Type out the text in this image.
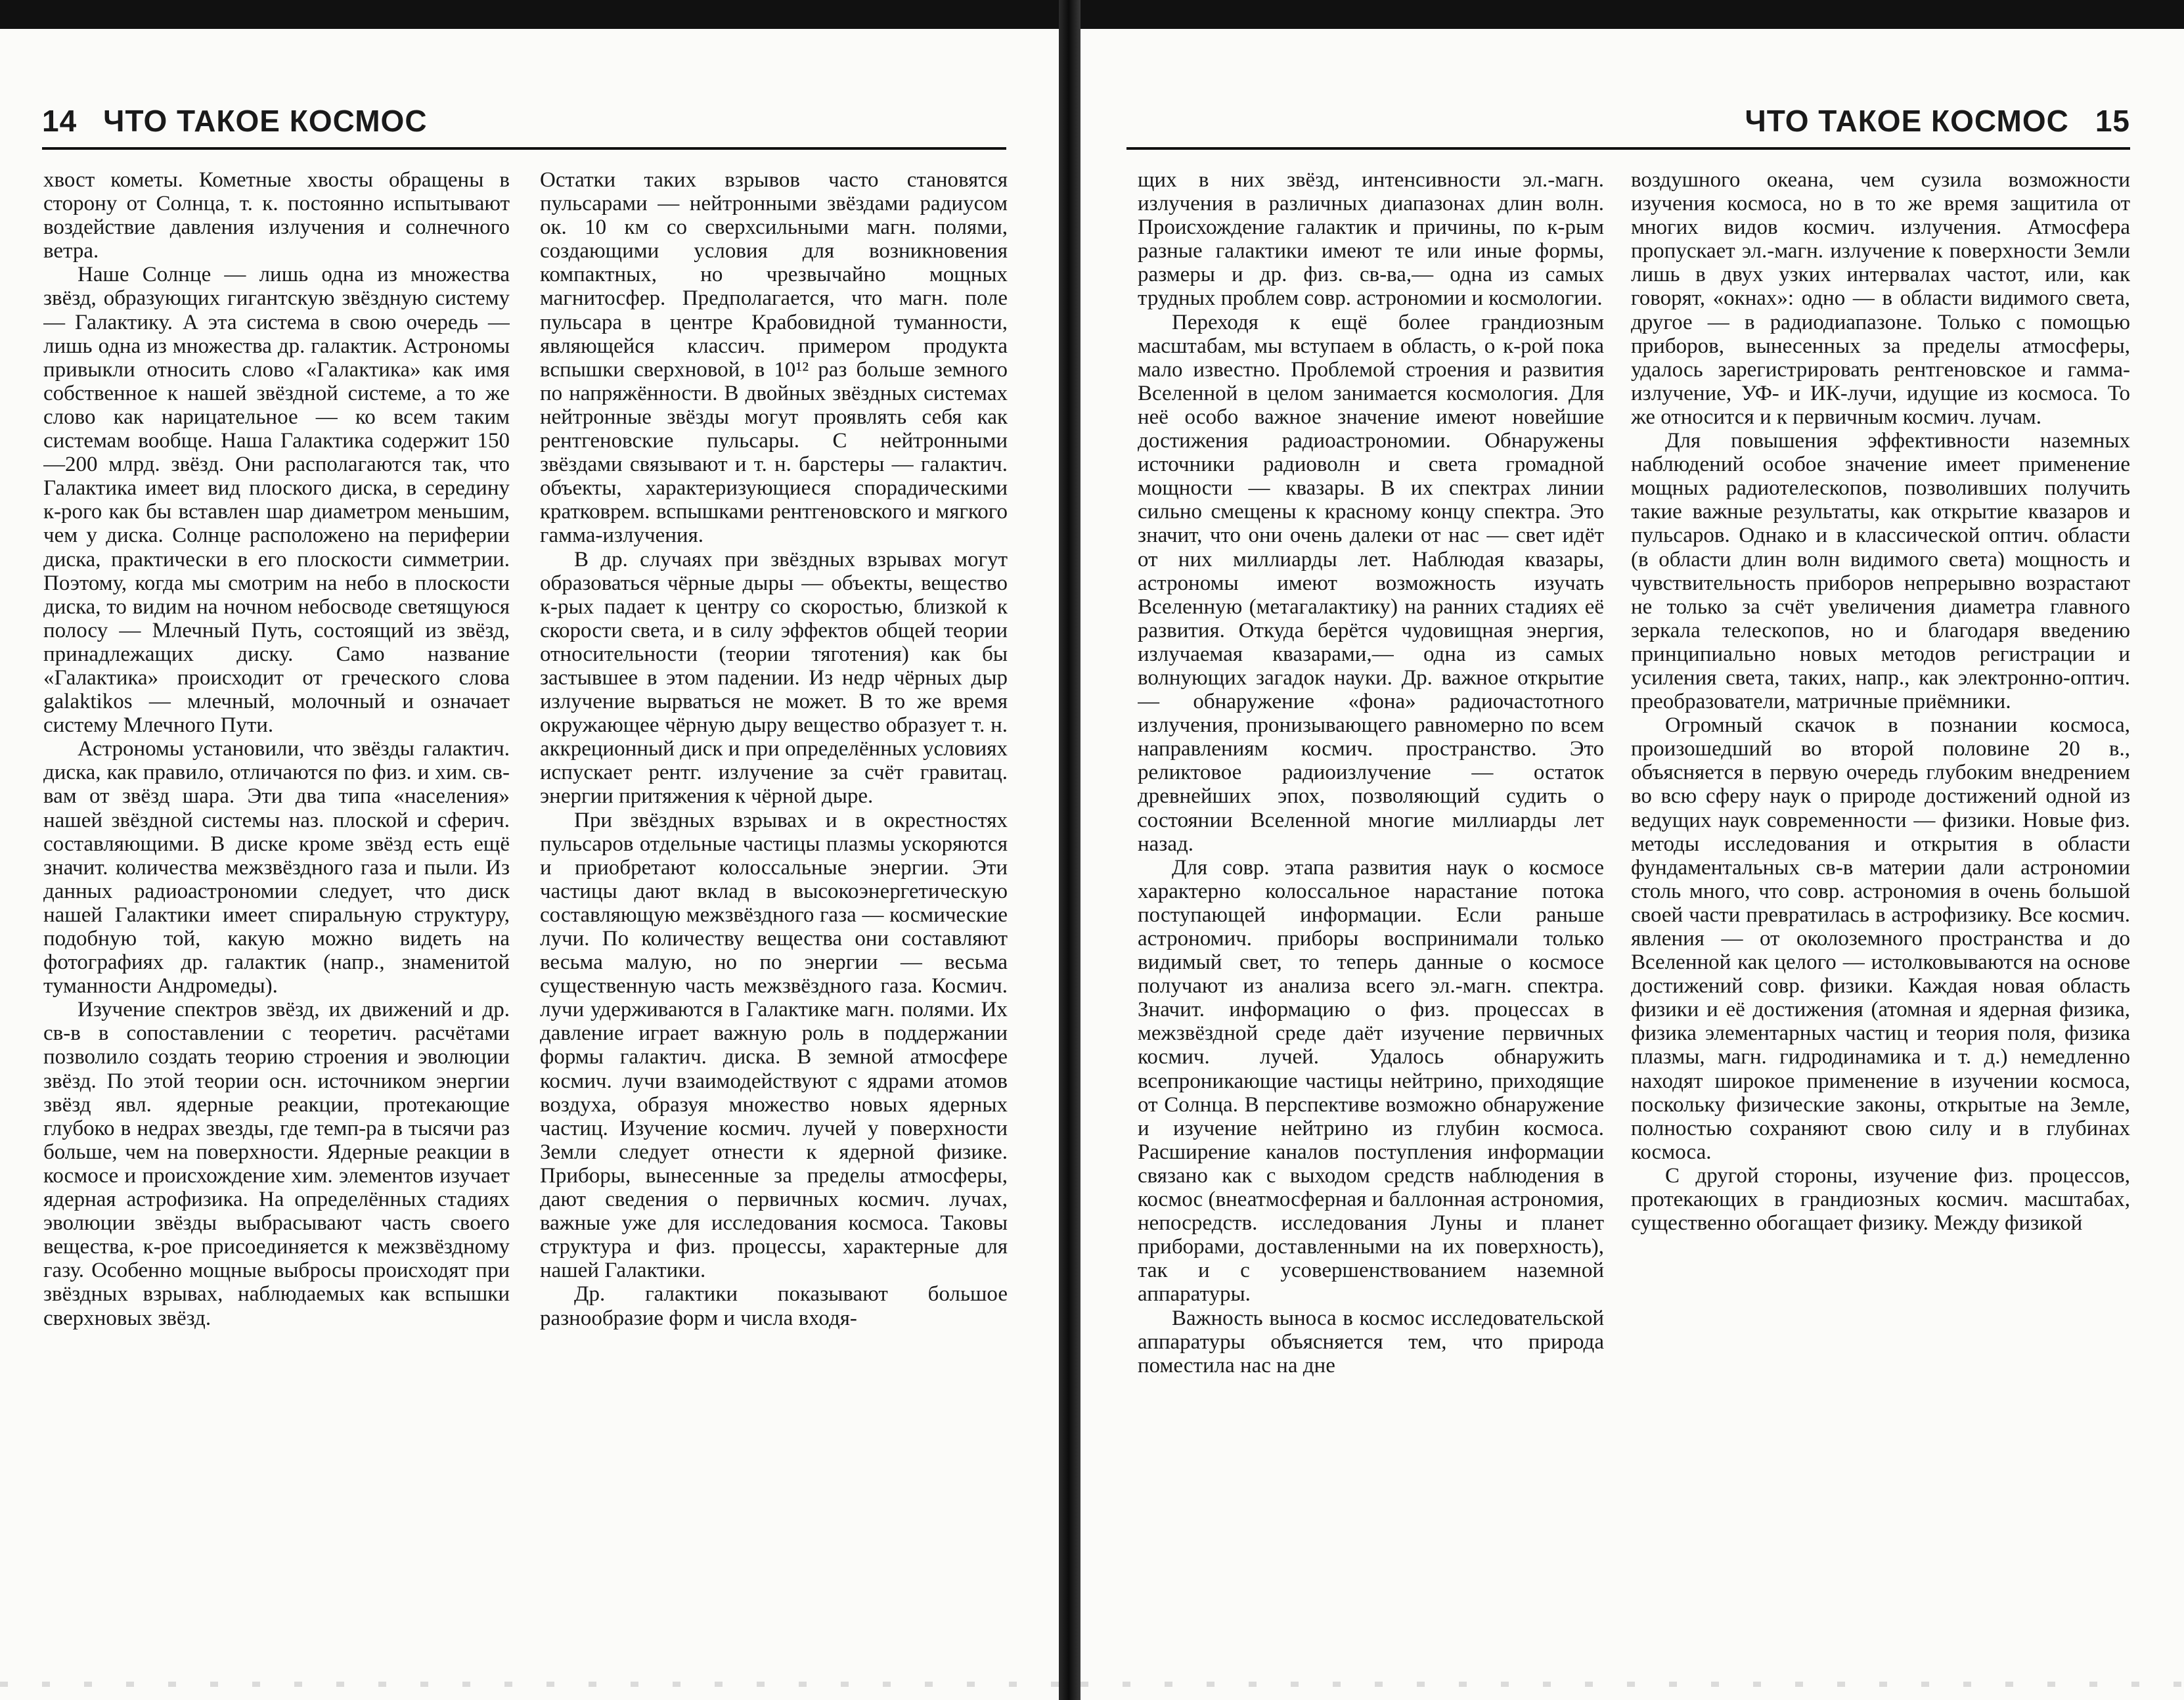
14 ЧТО ТАКОЕ КОСМОС

хвост кометы. Кометные хвосты обращены в сторону от Солнца, т. к. постоянно испытывают воздействие давления излучения и солнечного ветра.

Наше Солнце — лишь одна из множества звёзд, образующих гигантскую звёздную систему — Галактику. А эта система в свою очередь — лишь одна из множества др. галактик. Астрономы привыкли относить слово «Галактика» как имя собственное к нашей звёздной системе, а то же слово как нарицательное — ко всем таким системам вообще. Наша Галактика содержит 150—200 млрд. звёзд. Они располагаются так, что Галактика имеет вид плоского диска, в середину к-рого как бы вставлен шар диаметром меньшим, чем у диска. Солнце расположено на периферии диска, практически в его плоскости симметрии. Поэтому, когда мы смотрим на небо в плоскости диска, то видим на ночном небосводе светящуюся полосу — Млечный Путь, состоящий из звёзд, принадлежащих диску. Само название «Галактика» происходит от греческого слова galaktikos — млечный, молочный и означает систему Млечного Пути.

Астрономы установили, что звёзды галактич. диска, как правило, отличаются по физ. и хим. св-вам от звёзд шара. Эти два типа «населения» нашей звёздной системы наз. плоской и сферич. составляющими. В диске кроме звёзд есть ещё значит. количества межзвёздного газа и пыли. Из данных радиоастрономии следует, что диск нашей Галактики имеет спиральную структуру, подобную той, какую можно видеть на фотографиях др. галактик (напр., знаменитой туманности Андромеды).

Изучение спектров звёзд, их движений и др. св-в в сопоставлении с теоретич. расчётами позволило создать теорию строения и эволюции звёзд. По этой теории осн. источником энергии звёзд явл. ядерные реакции, протекающие глубоко в недрах звезды, где темп-ра в тысячи раз больше, чем на поверхности. Ядерные реакции в космосе и происхождение хим. элементов изучает ядерная астрофизика. На определённых стадиях эволюции звёзды выбрасывают часть своего вещества, к-рое присоединяется к межзвёздному газу. Особенно мощные выбросы происходят при звёздных взрывах, наблюдаемых как вспышки сверхновых звёзд.

Остатки таких взрывов часто становятся пульсарами — нейтронными звёздами радиусом ок. 10 км со сверхсильными магн. полями, создающими условия для возникновения компактных, но чрезвычайно мощных магнитосфер. Предполагается, что магн. поле пульсара в центре Крабовидной туманности, являющейся классич. примером продукта вспышки сверхновой, в 10¹² раз больше земного по напряжённости. В двойных звёздных системах нейтронные звёзды могут проявлять себя как рентгеновские пульсары. С нейтронными звёздами связывают и т. н. барстеры — галактич. объекты, характеризующиеся спорадическими кратковрем. вспышками рентгеновского и мягкого гамма-излучения.

В др. случаях при звёздных взрывах могут образоваться чёрные дыры — объекты, вещество к-рых падает к центру со скоростью, близкой к скорости света, и в силу эффектов общей теории относительности (теории тяготения) как бы застывшее в этом падении. Из недр чёрных дыр излучение вырваться не может. В то же время окружающее чёрную дыру вещество образует т. н. аккреционный диск и при определённых условиях испускает рентг. излучение за счёт гравитац. энергии притяжения к чёрной дыре.

При звёздных взрывах и в окрестностях пульсаров отдельные частицы плазмы ускоряются и приобретают колоссальные энергии. Эти частицы дают вклад в высокоэнергетическую составляющую межзвёздного газа — космические лучи. По количеству вещества они составляют весьма малую, но по энергии — весьма существенную часть межзвёздного газа. Космич. лучи удерживаются в Галактике магн. полями. Их давление играет важную роль в поддержании формы галактич. диска. В земной атмосфере космич. лучи взаимодействуют с ядрами атомов воздуха, образуя множество новых ядерных частиц. Изучение космич. лучей у поверхности Земли следует отнести к ядерной физике. Приборы, вынесенные за пределы атмосферы, дают сведения о первичных космич. лучах, важные уже для исследования космоса. Таковы структура и физ. процессы, характерные для нашей Галактики.

Др. галактики показывают большое разнообразие форм и числа входя-

ЧТО ТАКОЕ КОСМОС 15

щих в них звёзд, интенсивности эл.-магн. излучения в различных диапазонах длин волн. Происхождение галактик и причины, по к-рым разные галактики имеют те или иные формы, размеры и др. физ. св-ва,— одна из самых трудных проблем совр. астрономии и космологии.

Переходя к ещё более грандиозным масштабам, мы вступаем в область, о к-рой пока мало известно. Проблемой строения и развития Вселенной в целом занимается космология. Для неё особо важное значение имеют новейшие достижения радиоастрономии. Обнаружены источники радиоволн и света громадной мощности — квазары. В их спектрах линии сильно смещены к красному концу спектра. Это значит, что они очень далеки от нас — свет идёт от них миллиарды лет. Наблюдая квазары, астрономы имеют возможность изучать Вселенную (метагалактику) на ранних стадиях её развития. Откуда берётся чудовищная энергия, излучаемая квазарами,— одна из самых волнующих загадок науки. Др. важное открытие — обнаружение «фона» радиочастотного излучения, пронизывающего равномерно по всем направлениям космич. пространство. Это реликтовое радиоизлучение — остаток древнейших эпох, позволяющий судить о состоянии Вселенной многие миллиарды лет назад.

Для совр. этапа развития наук о космосе характерно колоссальное нарастание потока поступающей информации. Если раньше астрономич. приборы воспринимали только видимый свет, то теперь данные о космосе получают из анализа всего эл.-магн. спектра. Значит. информацию о физ. процессах в межзвёздной среде даёт изучение первичных космич. лучей. Удалось обнаружить всепроникающие частицы нейтрино, приходящие от Солнца. В перспективе возможно обнаружение и изучение нейтрино из глубин космоса. Расширение каналов поступления информации связано как с выходом средств наблюдения в космос (внеатмосферная и баллонная астрономия, непосредств. исследования Луны и планет приборами, доставленными на их поверхность), так и с усовершенствованием наземной аппаратуры.

Важность выноса в космос исследовательской аппаратуры объясняется тем, что природа поместила нас на дне

воздушного океана, чем сузила возможности изучения космоса, но в то же время защитила от многих видов космич. излучения. Атмосфера пропускает эл.-магн. излучение к поверхности Земли лишь в двух узких интервалах частот, или, как говорят, «окнах»: одно — в области видимого света, другое — в радиодиапазоне. Только с помощью приборов, вынесенных за пределы атмосферы, удалось зарегистрировать рентгеновское и гамма-излучение, УФ- и ИК-лучи, идущие из космоса. То же относится и к первичным космич. лучам.

Для повышения эффективности наземных наблюдений особое значение имеет применение мощных радиотелескопов, позволивших получить такие важные результаты, как открытие квазаров и пульсаров. Однако и в классической оптич. области (в области длин волн видимого света) мощность и чувствительность приборов непрерывно возрастают не только за счёт увеличения диаметра главного зеркала телескопов, но и благодаря введению принципиально новых методов регистрации и усиления света, таких, напр., как электронно-оптич. преобразователи, матричные приёмники.

Огромный скачок в познании космоса, произошедший во второй половине 20 в., объясняется в первую очередь глубоким внедрением во всю сферу наук о природе достижений одной из ведущих наук современности — физики. Новые физ. методы исследования и открытия в области фундаментальных св-в материи дали астрономии столь много, что совр. астрономия в очень большой своей части превратилась в астрофизику. Все космич. явления — от околоземного пространства и до Вселенной как целого — истолковываются на основе достижений совр. физики. Каждая новая область физики и её достижения (атомная и ядерная физика, физика элементарных частиц и теория поля, физика плазмы, магн. гидродинамика и т. д.) немедленно находят широкое применение в изучении космоса, поскольку физические законы, открытые на Земле, полностью сохраняют свою силу и в глубинах космоса.

С другой стороны, изучение физ. процессов, протекающих в грандиозных космич. масштабах, существенно обогащает физику. Между физикой
